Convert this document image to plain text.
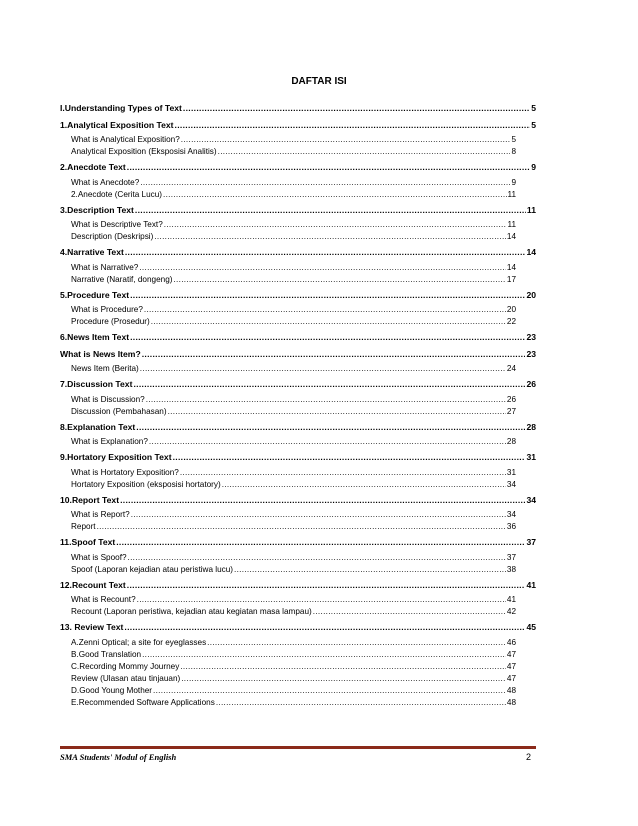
DAFTAR ISI
I.Understanding Types of Text .....	5
1.Analytical Exposition Text .....	5
What is Analytical Exposition? .....	5
Analytical Exposition (Eksposisi Analitis) .....	8
2.Anecdote Text .....	9
What is Anecdote? .....	9
2.Anecdote (Cerita Lucu) .....	11
3.Description Text .....	11
What is Descriptive Text? .....	11
Description (Deskripsi) .....	14
4.Narrative Text .....	14
What is Narrative? .....	14
Narrative (Naratif, dongeng) .....	17
5.Procedure Text .....	20
What is Procedure? .....	20
Procedure (Prosedur) .....	22
6.News Item Text .....	23
What is News Item? .....	23
News Item (Berita) .....	24
7.Discussion Text .....	26
What is Discussion? .....	26
Discussion (Pembahasan) .....	27
8.Explanation Text .....	28
What is Explanation? .....	28
9.Hortatory Exposition Text .....	31
What is Hortatory Exposition? .....	31
Hortatory Exposition (eksposisi hortatory) .....	34
10.Report Text .....	34
What is Report? .....	34
Report .....	36
11.Spoof Text .....	37
What is Spoof? .....	37
Spoof (Laporan kejadian atau peristiwa lucu) .....	38
12.Recount Text .....	41
What is Recount? .....	41
Recount (Laporan peristiwa, kejadian atau kegiatan masa lampau) .....	42
13. Review Text .....	45
A.Zenni Optical; a site for eyeglasses .....	46
B.Good Translation .....	47
C.Recording Mommy Journey .....	47
Review (Ulasan atau tinjauan) .....	47
D.Good Young Mother .....	48
E.Recommended Software Applications .....	48
SMA Students' Modul of English	2
